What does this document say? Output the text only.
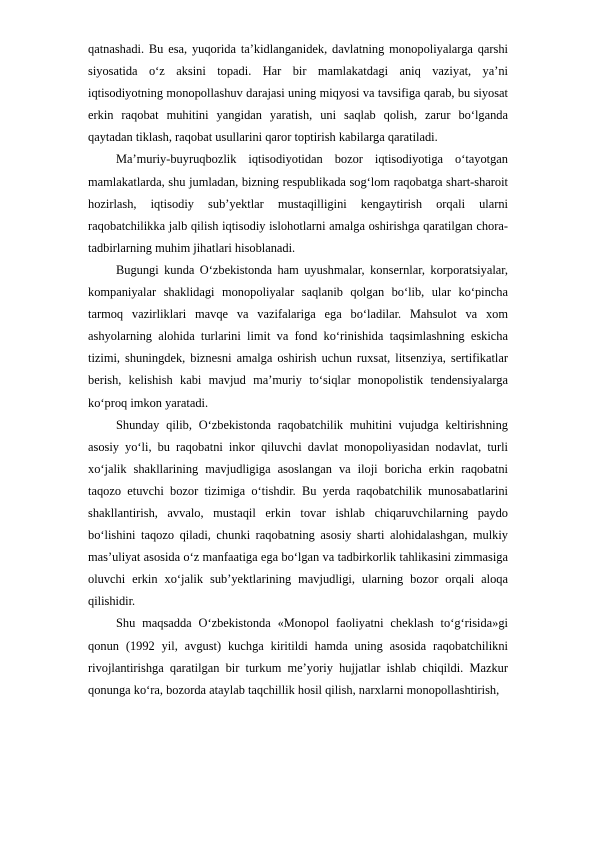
qatnashadi. Bu esa, yuqorida ta’kidlanganidek, davlatning monopoliyalarga qarshi siyosatida o‘z aksini topadi. Har bir mamlakatdagi aniq vaziyat, ya’ni iqtisodiyotning monopollashuv darajasi uning miqyosi va tavsifiga qarab, bu siyosat erkin raqobat muhitini yangidan yaratish, uni saqlab qolish, zarur bo‘lganda qaytadan tiklash, raqobat usullarini qaror toptirish kabilarga qaratiladi.

Ma’muriy-buyruqbozlik iqtisodiyotidan bozor iqtisodiyotiga o‘tayotgan mamlakatlarda, shu jumladan, bizning respublikada sog‘lom raqobatga shart-sharoit hozirlash, iqtisodiy sub’yektlar mustaqilligini kengaytirish orqali ularni raqobatchilikka jalb qilish iqtisodiy islohotlarni amalga oshirishga qaratilgan chora-tadbirlarning muhim jihatlari hisoblanadi.

Bugungi kunda O‘zbekistonda ham uyushmalar, konsernlar, korporatsiyalar, kompaniyalar shaklidagi monopoliyalar saqlanib qolgan bo‘lib, ular ko‘pincha tarmoq vazirliklari mavqe va vazifalariga ega bo‘ladilar. Mahsulot va xom ashyolarning alohida turlarini limit va fond ko‘rinishida taqsimlashning eskicha tizimi, shuningdek, biznesni amalga oshirish uchun ruxsat, litsenziya, sertifikatlar berish, kelishish kabi mavjud ma’muriy to‘siqlar monopolistik tendensiyalarga ko‘proq imkon yaratadi.

Shunday qilib, O‘zbekistonda raqobatchilik muhitini vujudga keltirishning asosiy yo‘li, bu raqobatni inkor qiluvchi davlat monopoliyasidan nodavlat, turli xo‘jalik shakllarining mavjudligiga asoslangan va iloji boricha erkin raqobatni taqozo etuvchi bozor tizimiga o‘tishdir. Bu yerda raqobatchilik munosabatlarini shakllantirish, avvalo, mustaqil erkin tovar ishlab chiqaruvchilarning paydo bo‘lishini taqozo qiladi, chunki raqobatning asosiy sharti alohidalashgan, mulkiy mas’uliyat asosida o‘z manfaatiga ega bo‘lgan va tadbirkorlik tahlikasini zimmasiga oluvchi erkin xo‘jalik sub’yektlarining mavjudligi, ularning bozor orqali aloqa qilishidir.

Shu maqsadda O‘zbekistonda «Monopol faoliyatni cheklash to‘g‘risida»gi qonun (1992 yil, avgust) kuchga kiritildi hamda uning asosida raqobatchilikni rivojlantirishga qaratilgan bir turkum me’yoriy hujjatlar ishlab chiqildi. Mazkur qonunga ko‘ra, bozorda ataylab taqchillik hosil qilish, narxlarni monopollashtirish,
